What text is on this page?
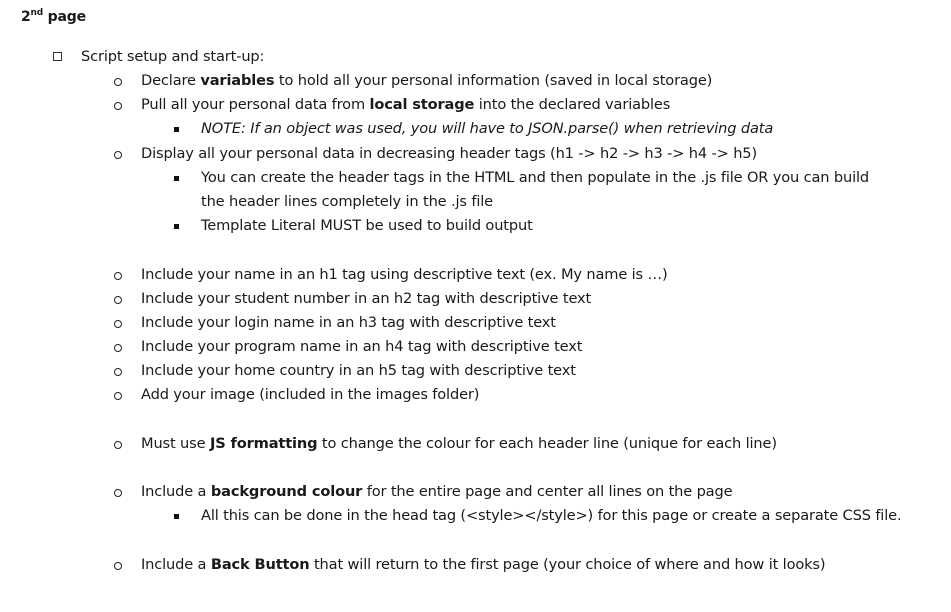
2nd page
Script setup and start-up:
Declare variables to hold all your personal information (saved in local storage)
Pull all your personal data from local storage into the declared variables
NOTE: If an object was used, you will have to JSON.parse() when retrieving data
Display all your personal data in decreasing header tags (h1 -> h2 -> h3 -> h4 -> h5)
You can create the header tags in the HTML and then populate in the .js file OR you can build
the header lines completely in the .js file
Template Literal MUST be used to build output
Include your name in an h1 tag using descriptive text (ex. My name is …)
Include your student number in an h2 tag with descriptive text
Include your login name in an h3 tag with descriptive text
Include your program name in an h4 tag with descriptive text
Include your home country in an h5 tag with descriptive text
Add your image (included in the images folder)
Must use JS formatting to change the colour for each header line (unique for each line)
Include a background colour for the entire page and center all lines on the page
All this can be done in the head tag (<style></style>) for this page or create a separate CSS file.
Include a Back Button that will return to the first page (your choice of where and how it looks)
